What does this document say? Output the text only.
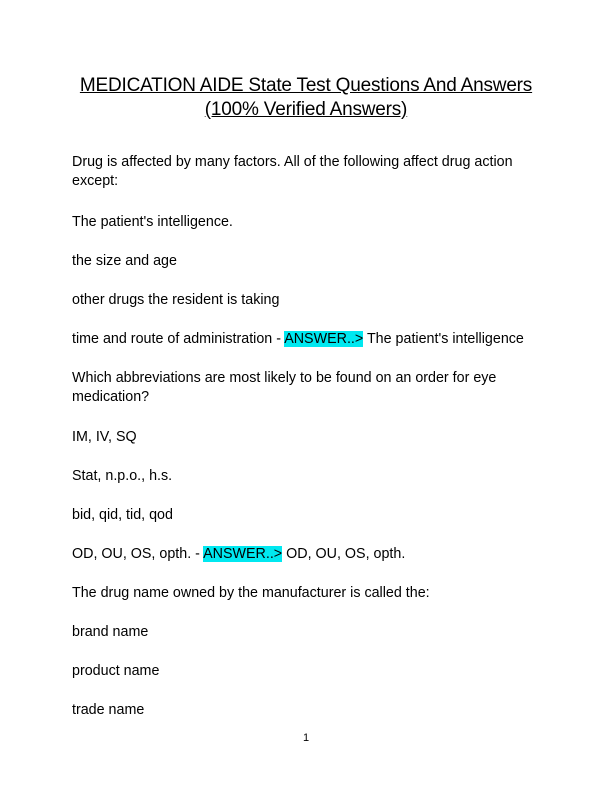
MEDICATION AIDE State Test Questions And Answers
(100% Verified Answers)
Drug is affected by many factors. All of the following affect drug action except:
The patient's intelligence.
the size and age
other drugs the resident is taking
time and route of administration - ANSWER..> The patient's intelligence
Which abbreviations are most likely to be found on an order for eye medication?
IM, IV, SQ
Stat, n.p.o., h.s.
bid, qid, tid, qod
OD, OU, OS, opth. - ANSWER..> OD, OU, OS, opth.
The drug name owned by the manufacturer is called the:
brand name
product name
trade name
1
